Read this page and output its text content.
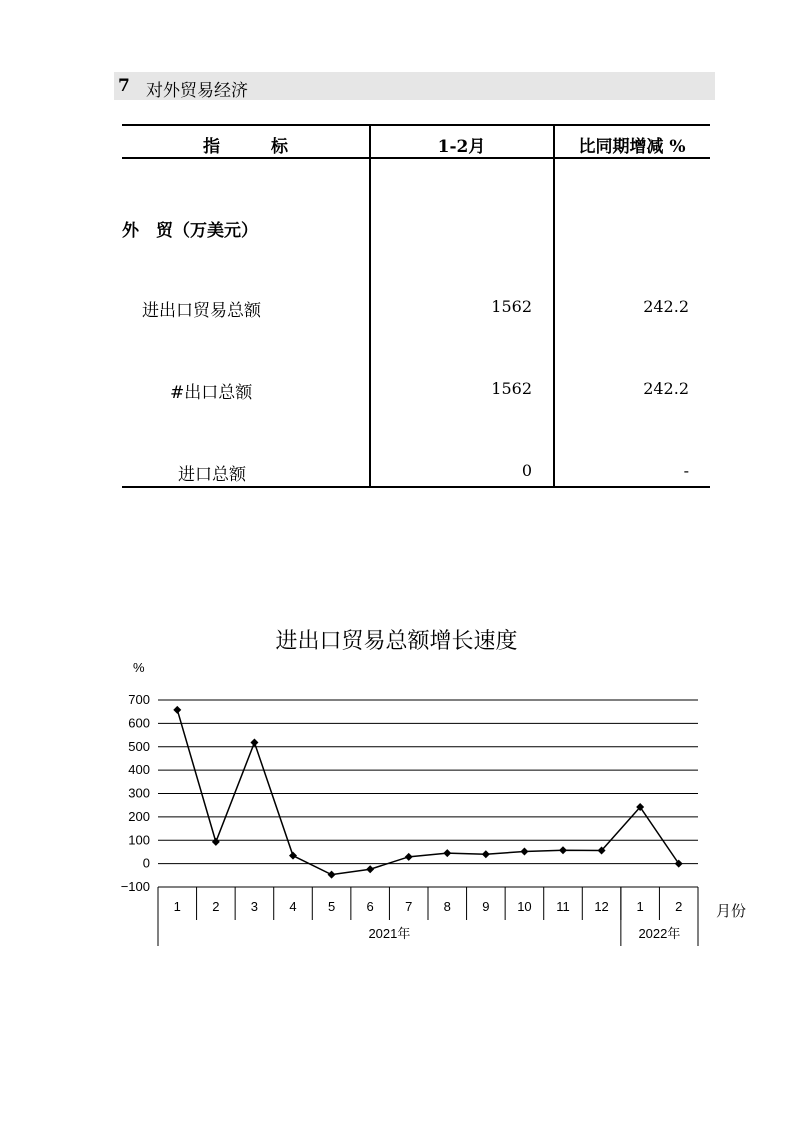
7 对外贸易经济
指　　　标	1-2月	比同期增减 %
外　贸（万美元）
进出口贸易总额	1562	242.2
#出口总额	1562	242.2
进口总额	0	-
进出口贸易总额增长速度
700
600
500
400
300
200
100
0
−100
%
2021年	2022年
1 2 3 4 5 6 7 8 9 10 11 12 1 2 月份
